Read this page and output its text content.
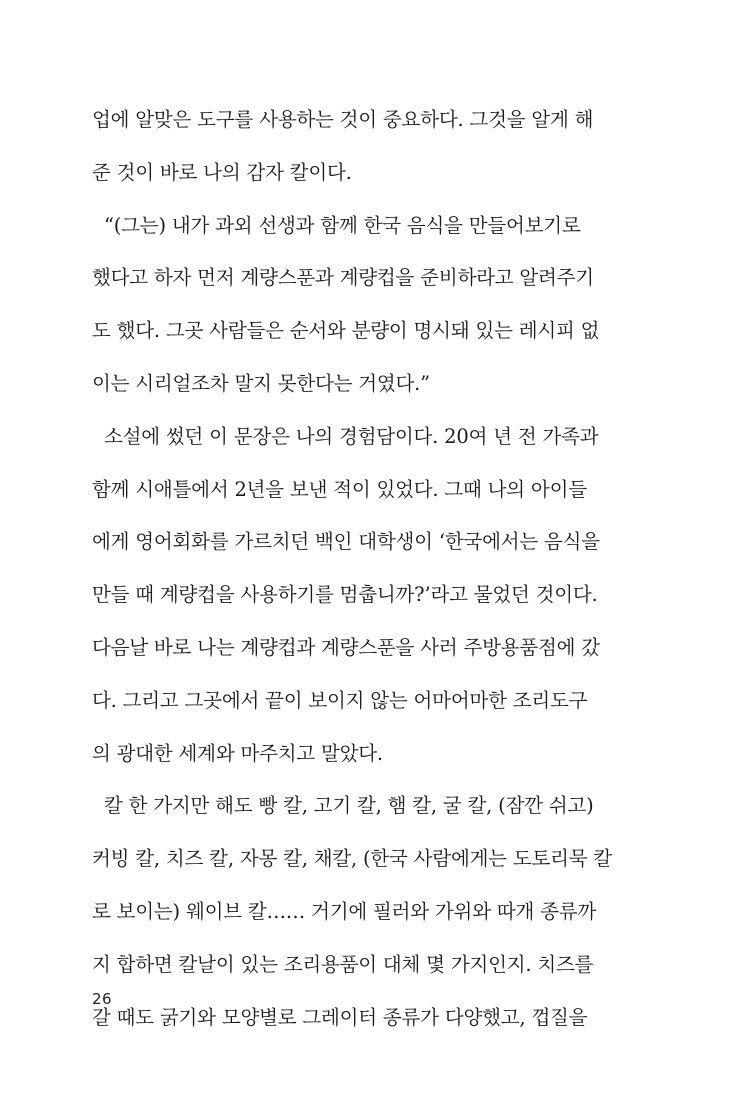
업에 알맞은 도구를 사용하는 것이 중요하다. 그것을 알게 해
준 것이 바로 나의 감자 칼이다.
“(그는) 내가 과외 선생과 함께 한국 음식을 만들어보기로
했다고 하자 먼저 계량스푼과 계량컵을 준비하라고 알려주기
도 했다. 그곳 사람들은 순서와 분량이 명시돼 있는 레시피 없
이는 시리얼조차 말지 못한다는 거였다.”
소설에 썼던 이 문장은 나의 경험담이다. 20여 년 전 가족과
함께 시애틀에서 2년을 보낸 적이 있었다. 그때 나의 아이들
에게 영어회화를 가르치던 백인 대학생이 ‘한국에서는 음식을
만들 때 계량컵을 사용하기를 멈춥니까?’라고 물었던 것이다.
다음날 바로 나는 계량컵과 계량스푼을 사러 주방용품점에 갔
다. 그리고 그곳에서 끝이 보이지 않는 어마어마한 조리도구
의 광대한 세계와 마주치고 말았다.
칼 한 가지만 해도 빵 칼, 고기 칼, 햄 칼, 굴 칼, (잠깐 쉬고)
커빙 칼, 치즈 칼, 자몽 칼, 채칼, (한국 사람에게는 도토리묵 칼
로 보이는) 웨이브 칼…… 거기에 필러와 가위와 따개 종류까
지 합하면 칼날이 있는 조리용품이 대체 몇 가지인지. 치즈를
갈 때도 굵기와 모양별로 그레이터 종류가 다양했고, 껍질을
26
